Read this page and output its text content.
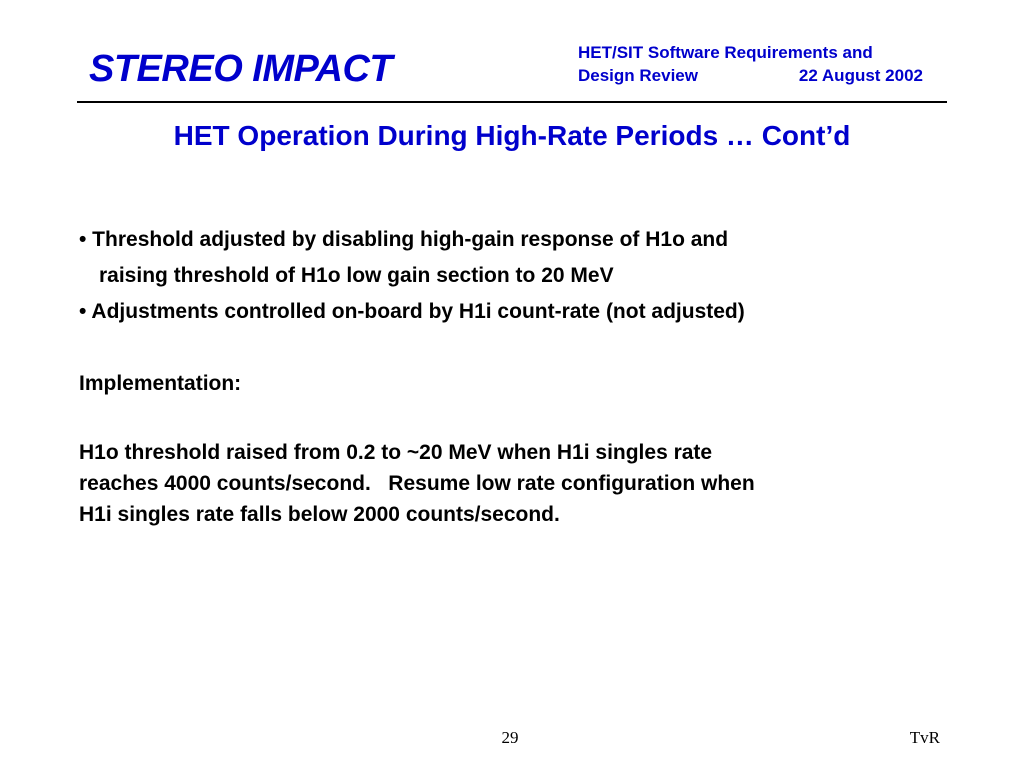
STEREO IMPACT	HET/SIT Software Requirements and
Design Review	22 August 2002
HET Operation During High-Rate Periods … Cont’d
• Threshold adjusted by disabling high-gain response of H1o and
raising threshold of H1o low gain section to 20 MeV
• Adjustments controlled on-board by H1i count-rate (not adjusted)
Implementation:
H1o threshold raised from 0.2 to ~20 MeV when H1i singles rate
reaches 4000 counts/second.   Resume low rate configuration when
H1i singles rate falls below 2000 counts/second.
29	TvR
